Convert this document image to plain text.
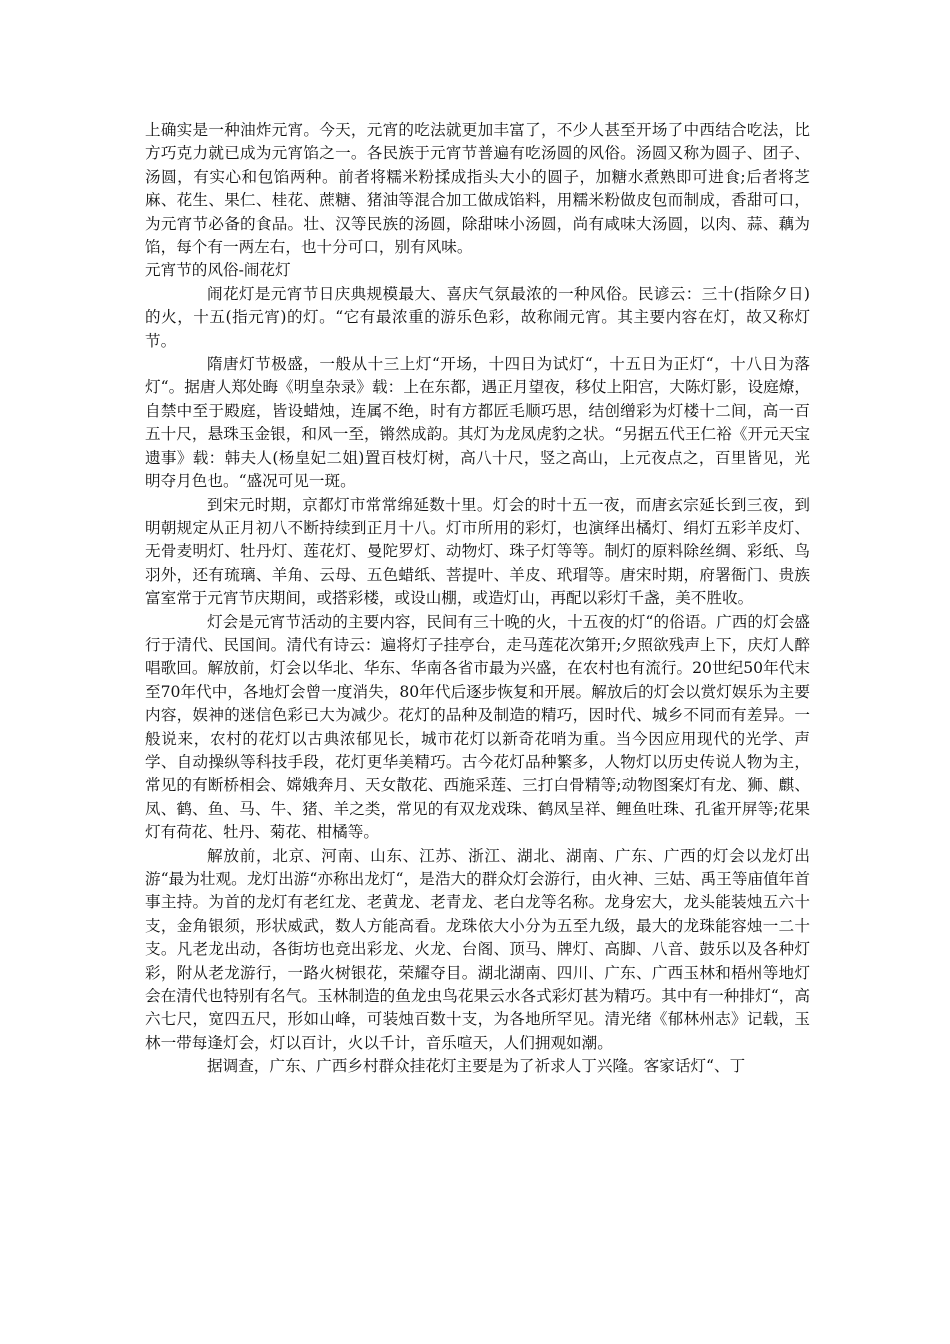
上确实是一种油炸元宵。今天，元宵的吃法就更加丰富了，不少人甚至开场了中西结合吃法，比方巧克力就已成为元宵馅之一。各民族于元宵节普遍有吃汤圆的风俗。汤圆又称为圆子、团子、汤圆，有实心和包馅两种。前者将糯米粉揉成指头大小的圆子，加糖水煮熟即可进食;后者将芝麻、花生、果仁、桂花、蔗糖、猪油等混合加工做成馅料，用糯米粉做皮包而制成，香甜可口，为元宵节必备的食品。壮、汉等民族的汤圆，除甜味小汤圆，尚有咸味大汤圆，以肉、蒜、藕为馅，每个有一两左右，也十分可口，别有风味。

元宵节的风俗-闹花灯

闹花灯是元宵节日庆典规模最大、喜庆气氛最浓的一种风俗。民谚云：三十(指除夕日)的火，十五(指元宵)的灯。“它有最浓重的游乐色彩，故称闹元宵。其主要内容在灯，故又称灯节。

隋唐灯节极盛，一般从十三上灯“开场，十四日为试灯“，十五日为正灯“，十八日为落灯“。据唐人郑处晦《明皇杂录》载：上在东都，遇正月望夜，移仗上阳宫，大陈灯影，设庭燎，自禁中至于殿庭，皆设蜡烛，连属不绝，时有方都匠毛顺巧思，结创缯彩为灯楼十二间，高一百五十尺，悬珠玉金银，和风一至，锵然成韵。其灯为龙凤虎豹之状。“另据五代王仁裕《开元天宝遗事》载：韩夫人(杨皇妃二姐)置百枝灯树，高八十尺，竖之高山，上元夜点之，百里皆见，光明夺月色也。“盛况可见一斑。

到宋元时期，京都灯市常常绵延数十里。灯会的时十五一夜，而唐玄宗延长到三夜，到明朝规定从正月初八不断持续到正月十八。灯市所用的彩灯，也演绎出橘灯、绢灯五彩羊皮灯、无骨麦明灯、牡丹灯、莲花灯、曼陀罗灯、动物灯、珠子灯等等。制灯的原料除丝绸、彩纸、鸟羽外，还有琉璃、羊角、云母、五色蜡纸、菩提叶、羊皮、玳瑁等。唐宋时期，府署衙门、贵族富室常于元宵节庆期间，或搭彩楼，或设山棚，或造灯山，再配以彩灯千盏，美不胜收。

灯会是元宵节活动的主要内容，民间有三十晚的火，十五夜的灯“的俗语。广西的灯会盛行于清代、民国间。清代有诗云：遍将灯子挂亭台，走马莲花次第开;夕照欲残声上下，庆灯人醉唱歌回。解放前，灯会以华北、华东、华南各省市最为兴盛，在农村也有流行。20世纪50年代末至70年代中，各地灯会曾一度消失，80年代后逐步恢复和开展。解放后的灯会以赏灯娱乐为主要内容，娱神的迷信色彩已大为减少。花灯的品种及制造的精巧，因时代、城乡不同而有差异。一般说来，农村的花灯以古典浓郁见长，城市花灯以新奇花哨为重。当今因应用现代的光学、声学、自动操纵等科技手段，花灯更华美精巧。古今花灯品种繁多，人物灯以历史传说人物为主，常见的有断桥相会、嫦娥奔月、天女散花、西施采莲、三打白骨精等;动物图案灯有龙、狮、麒、凤、鹤、鱼、马、牛、猪、羊之类，常见的有双龙戏珠、鹤凤呈祥、鲤鱼吐珠、孔雀开屏等;花果灯有荷花、牡丹、菊花、柑橘等。

解放前，北京、河南、山东、江苏、浙江、湖北、湖南、广东、广西的灯会以龙灯出游“最为壮观。龙灯出游“亦称出龙灯“，是浩大的群众灯会游行，由火神、三姑、禹王等庙值年首事主持。为首的龙灯有老红龙、老黄龙、老青龙、老白龙等名称。龙身宏大，龙头能装烛五六十支，金角银须，形状威武，数人方能高看。龙珠依大小分为五至九级，最大的龙珠能容烛一二十支。凡老龙出动，各街坊也竞出彩龙、火龙、台阁、顶马、牌灯、高脚、八音、鼓乐以及各种灯彩，附从老龙游行，一路火树银花，荣耀夺目。湖北湖南、四川、广东、广西玉林和梧州等地灯会在清代也特别有名气。玉林制造的鱼龙虫鸟花果云水各式彩灯甚为精巧。其中有一种排灯“，高六七尺，宽四五尺，形如山峰，可装烛百数十支，为各地所罕见。清光绪《郁林州志》记载，玉林一带每逢灯会，灯以百计，火以千计，音乐喧天，人们拥观如潮。

据调查，广东、广西乡村群众挂花灯主要是为了祈求人丁兴隆。客家话灯“、丁
